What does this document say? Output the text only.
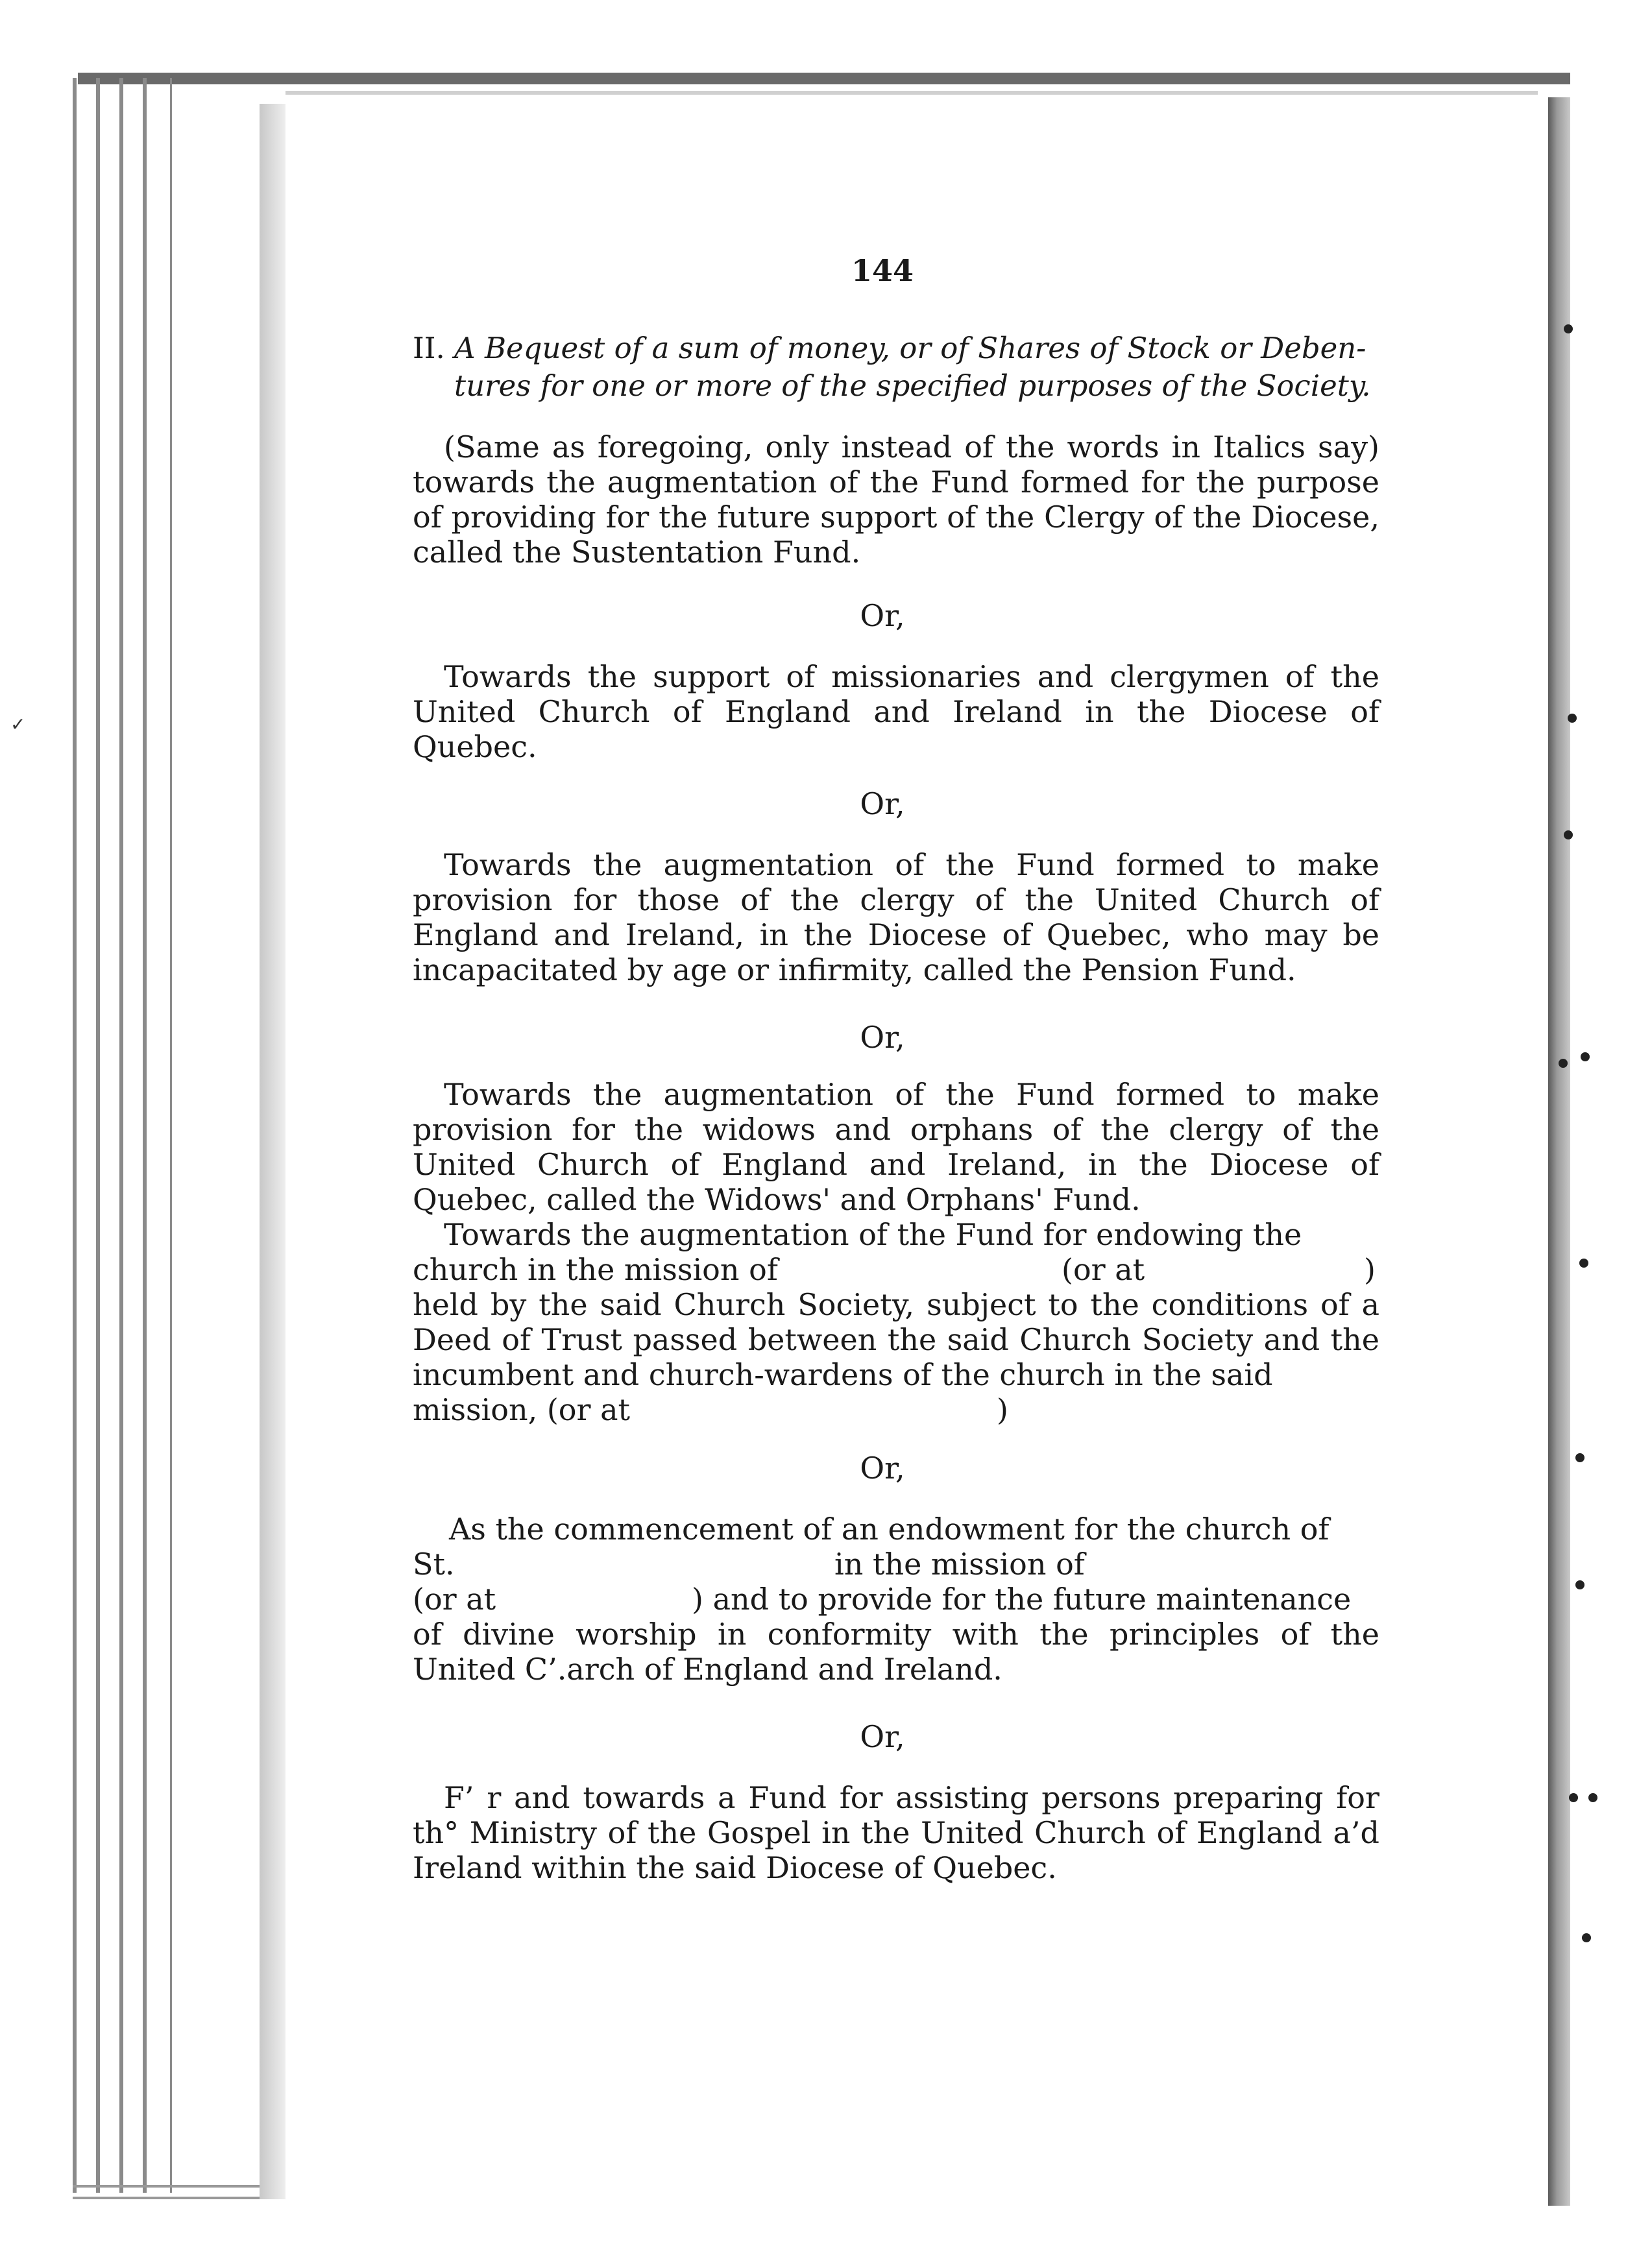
✓
144
II. A Bequest of a sum of money, or of Shares of Stock or Deben-
tures for one or more of the specified purposes of the Society.
(Same as foregoing, only instead of the words in Italics say) towards the augmentation of the Fund formed for the purpose of providing for the future support of the Clergy of the Diocese, called the Sustentation Fund.
Or,
Towards the support of missionaries and clergymen of the United Church of England and Ireland in the Diocese of Quebec.
Or,
Towards the augmentation of the Fund formed to make provision for those of the clergy of the United Church of England and Ireland, in the Diocese of Quebec, who may be incapacitated by age or infirmity, called the Pension Fund.
Or,
Towards the augmentation of the Fund formed to make provision for the widows and orphans of the clergy of the United Church of England and Ireland, in the Diocese of Quebec, called the Widows' and Orphans' Fund.
Towards the augmentation of the Fund for endowing the
church in the mission of	(or at	)
held by the said Church Society, subject to the conditions of a Deed of Trust passed between the said Church Society and the incumbent and church-wardens of the church in the said
mission, (or at	)
Or,
As the commencement of an endowment for the church of
St.	in the mission of
(or at	) and to provide for the future maintenance
of divine worship in conformity with the principles of the United C’.arch of England and Ireland.
Or,
F’ r and towards a Fund for assisting persons preparing for th° Ministry of the Gospel in the United Church of England a’d Ireland within the said Diocese of Quebec.
